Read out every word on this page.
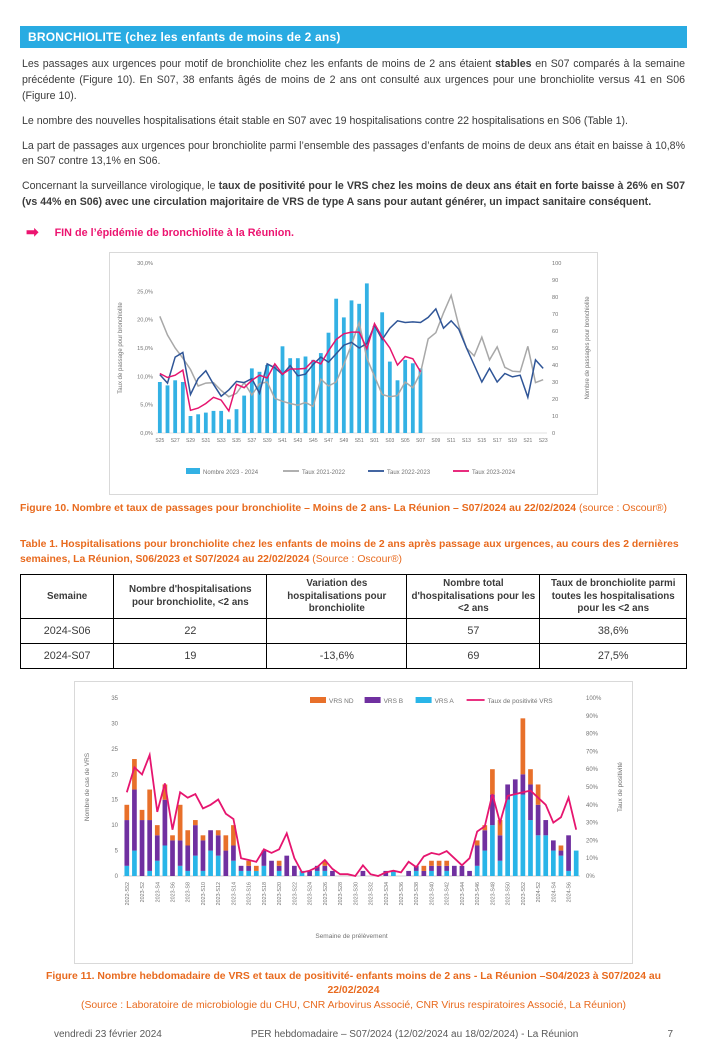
BRONCHIOLITE (chez les enfants de moins de 2 ans)

Les passages aux urgences pour motif de bronchiolite chez les enfants de moins de 2 ans étaient stables en S07 comparés à la semaine précédente (Figure 10). En S07, 38 enfants âgés de moins de 2 ans ont consulté aux urgences pour une bronchiolite versus 41 en S06 (Figure 10).

Le nombre des nouvelles hospitalisations était stable en S07 avec 19 hospitalisations contre 22 hospitalisations en S06 (Table 1).

La part de passages aux urgences pour bronchiolite parmi l’ensemble des passages d’enfants de moins de deux ans était en baisse à 10,8% en S07 contre 13,1% en S06.

Concernant la surveillance virologique, le taux de positivité pour le VRS chez les moins de deux ans était en forte baisse à 26% en S07 (vs 44% en S06) avec une circulation majoritaire de VRS de type A sans pour autant générer, un impact sanitaire conséquent.

➡ FIN de l’épidémie de bronchiolite à la Réunion.
0,0%
5,0%
10,0%
15,0%
20,0%
25,0%
30,0%
0
10
20
30
40
50
60
70
80
90
100
S25 S27 S29 S31 S33 S35 S37 S39 S41 S43 S45 S47 S49 S51 S01 S03 S05 S07 S09 S11 S13 S15 S17 S19 S21 S23
Taux de passage pour bronchiolite	Nombre de passages pour bronchiolite
Nombre 2023 - 2024	Taux 2021-2022	Taux 2022-2023	Taux 2023-2024
Figure 10. Nombre et taux de passages pour bronchiolite – Moins de 2 ans- La Réunion – S07/2024 au 22/02/2024 (source : Oscour®)
Table 1. Hospitalisations pour bronchiolite chez les enfants de moins de 2 ans après passage aux urgences, au cours des 2 dernières semaines, La Réunion, S06/2023 et S07/2024 au 22/02/2024 (Source : Oscour®)
Semaine	Nombre d'hospitalisations pour bronchiolite, <2 ans	Variation des hospitalisations pour bronchiolite	Nombre total d'hospitalisations pour les <2 ans	Taux de bronchiolite parmi toutes les hospitalisations pour les <2 ans
2024-S06	22		57	38,6%
2024-S07	19	-13,6%	69	27,5%
0
5
10
15
20
25
30
35
0%
10%
20%
30%
40%
50%
60%
70%
80%
90%
100%
2022-S52 2023-S2 2023-S4 2023-S6 2023-S8 2023-S10 2023-S12 2023-S14 2023-S16 2023-S18 2023-S20 2023-S22 2023-S24 2023-S26 2023-S28 2023-S30 2023-S32 2023-S34 2023-S36 2023-S38 2023-S40 2023-S42 2023-S44 2023-S46 2023-S48 2023-S50 2023-S52 2024-S2 2024-S4 2024-S6
Semaine de prélèvement
Nombre de cas de VRS	Taux de positivité
VRS ND	VRS B	VRS A	Taux de positivité VRS
Figure 11. Nombre hebdomadaire de VRS et taux de positivité- enfants moins de 2 ans - La Réunion –S04/2023 à S07/2024 au 22/02/2024
(Source : Laboratoire de microbiologie du CHU, CNR Arbovirus Associé, CNR Virus respiratoires Associé, La Réunion)
vendredi 23 février 2024	PER hebdomadaire – S07/2024 (12/02/2024 au 18/02/2024) - La Réunion	7
